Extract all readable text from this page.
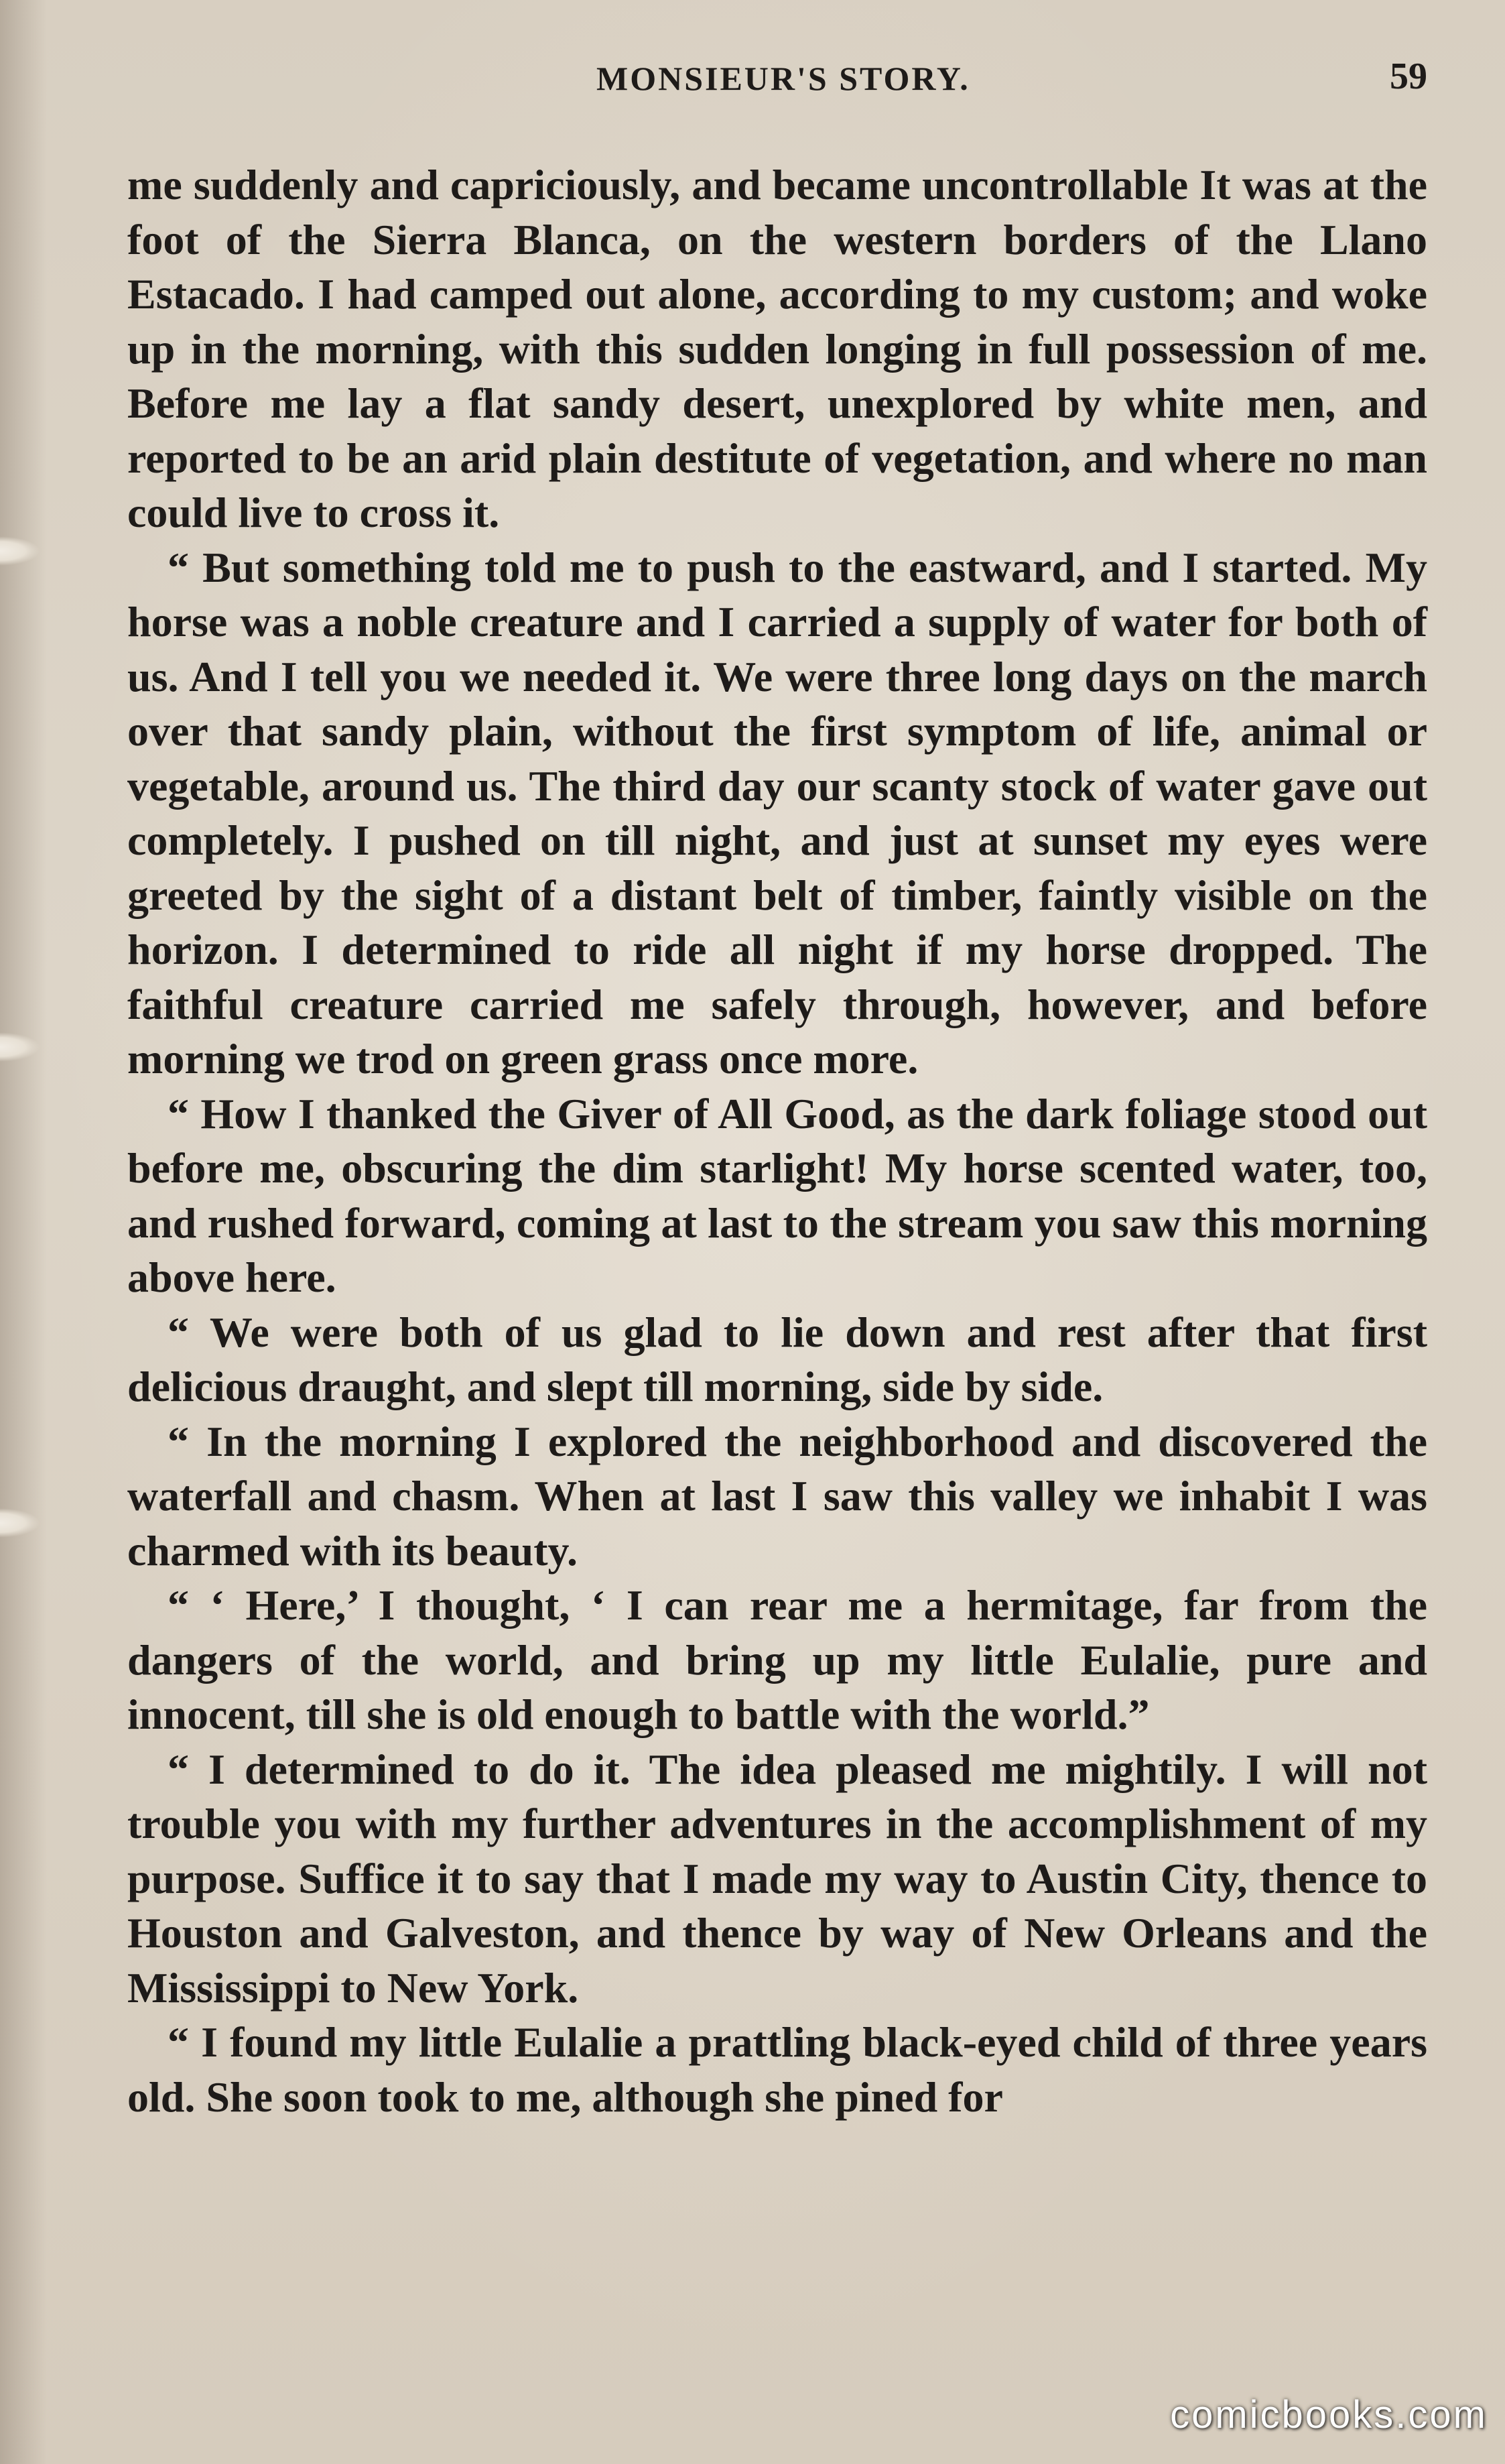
MONSIEUR'S STORY.	59

me suddenly and capriciously, and became uncontrollable It was at the foot of the Sierra Blanca, on the western borders of the Llano Estacado. I had camped out alone, according to my custom; and woke up in the morning, with this sudden longing in full possession of me. Before me lay a flat sandy desert, unexplored by white men, and reported to be an arid plain destitute of vegetation, and where no man could live to cross it.

“ But something told me to push to the eastward, and I started. My horse was a noble creature and I carried a supply of water for both of us. And I tell you we needed it. We were three long days on the march over that sandy plain, without the first symptom of life, animal or vegetable, around us. The third day our scanty stock of water gave out completely. I pushed on till night, and just at sunset my eyes were greeted by the sight of a distant belt of timber, faintly visible on the horizon. I determined to ride all night if my horse dropped. The faithful creature carried me safely through, however, and before morning we trod on green grass once more.

“ How I thanked the Giver of All Good, as the dark foliage stood out before me, obscuring the dim starlight! My horse scented water, too, and rushed forward, coming at last to the stream you saw this morning above here.

“ We were both of us glad to lie down and rest after that first delicious draught, and slept till morning, side by side.

“ In the morning I explored the neighborhood and discovered the waterfall and chasm. When at last I saw this valley we inhabit I was charmed with its beauty.

“ ‘ Here,’ I thought, ‘ I can rear me a hermitage, far from the dangers of the world, and bring up my little Eulalie, pure and innocent, till she is old enough to battle with the world.”

“ I determined to do it. The idea pleased me mightily. I will not trouble you with my further adventures in the accomplishment of my purpose. Suffice it to say that I made my way to Austin City, thence to Houston and Galveston, and thence by way of New Orleans and the Mississippi to New York.

“ I found my little Eulalie a prattling black-eyed child of three years old. She soon took to me, although she pined for

comicbooks.com
